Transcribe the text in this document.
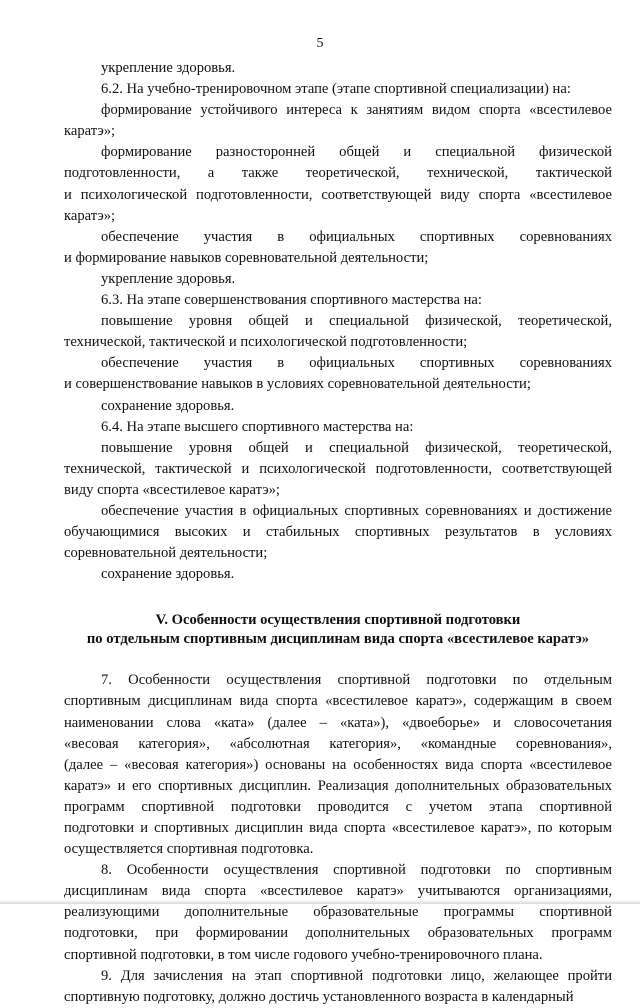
5

укрепление здоровья.

6.2. На учебно-тренировочном этапе (этапе спортивной специализации) на:

формирование устойчивого интереса к занятиям видом спорта «всестилевое

каратэ»;

формирование разносторонней общей и специальной физической

подготовленности, а также теоретической, технической, тактической

и психологической подготовленности, соответствующей виду спорта «всестилевое

каратэ»;

обеспечение участия в официальных спортивных соревнованиях

и формирование навыков соревновательной деятельности;

укрепление здоровья.

6.3. На этапе совершенствования спортивного мастерства на:

повышение уровня общей и специальной физической, теоретической,

технической, тактической и психологической подготовленности;

обеспечение участия в официальных спортивных соревнованиях

и совершенствование навыков в условиях соревновательной деятельности;

сохранение здоровья.

6.4. На этапе высшего спортивного мастерства на:

повышение уровня общей и специальной физической, теоретической,

технической, тактической и психологической подготовленности, соответствующей

виду спорта «всестилевое каратэ»;

обеспечение участия в официальных спортивных соревнованиях и достижение

обучающимися высоких и стабильных спортивных результатов в условиях

соревновательной деятельности;

сохранение здоровья.

V. Особенности осуществления спортивной подготовки

по отдельным спортивным дисциплинам вида спорта «всестилевое каратэ»

7. Особенности осуществления спортивной подготовки по отдельным

спортивным дисциплинам вида спорта «всестилевое каратэ», содержащим в своем

наименовании слова «ката» (далее – «ката»), «двоеборье» и словосочетания

«весовая категория», «абсолютная категория», «командные соревнования»,

(далее – «весовая категория») основаны на особенностях вида спорта «всестилевое

каратэ» и его спортивных дисциплин. Реализация дополнительных образовательных

программ спортивной подготовки проводится с учетом этапа спортивной

подготовки и спортивных дисциплин вида спорта «всестилевое каратэ», по которым

осуществляется спортивная подготовка.

8. Особенности осуществления спортивной подготовки по спортивным

дисциплинам вида спорта «всестилевое каратэ» учитываются организациями,

реализующими дополнительные образовательные программы спортивной

подготовки, при формировании дополнительных образовательных программ

спортивной подготовки, в том числе годового учебно-тренировочного плана.

9. Для зачисления на этап спортивной подготовки лицо, желающее пройти

спортивную подготовку, должно достичь установленного возраста в календарный
